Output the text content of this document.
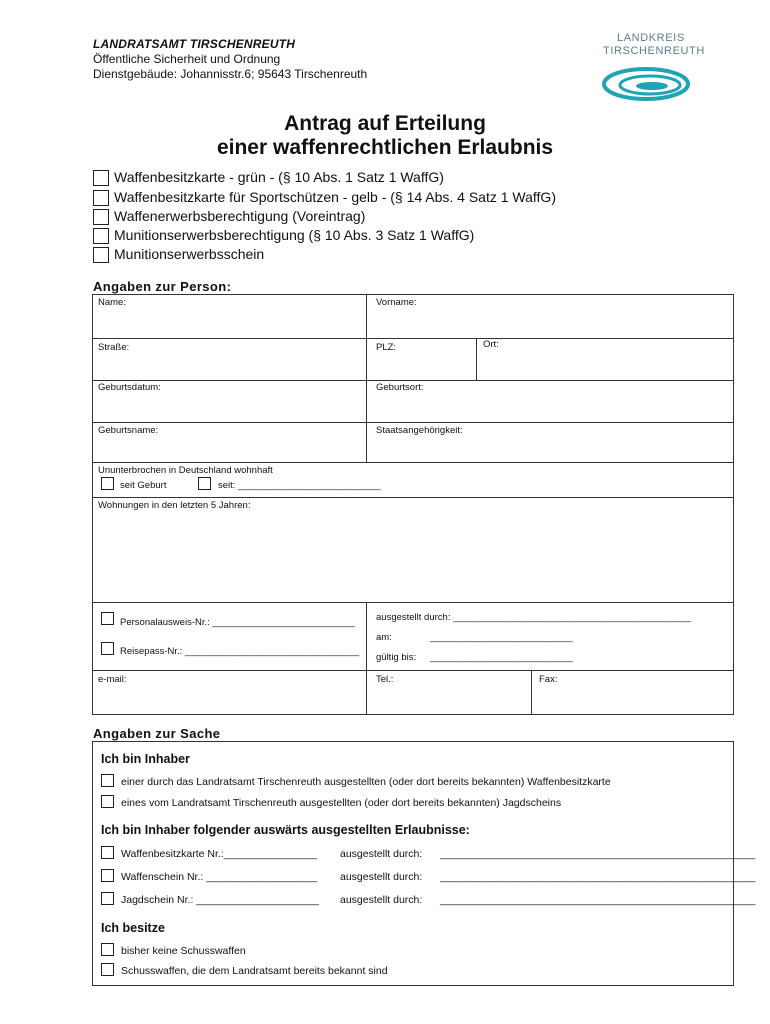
LANDRATSAMT TIRSCHENREUTH
Öffentliche Sicherheit und Ordnung
Dienstgebäude: Johannisstr.6; 95643 Tirschenreuth
LANDKREIS
TIRSCHENREUTH
Antrag auf Erteilung
einer waffenrechtlichen Erlaubnis
Waffenbesitzkarte - grün - (§ 10 Abs. 1 Satz 1 WaffG)
Waffenbesitzkarte für Sportschützen - gelb - (§ 14 Abs. 4 Satz 1 WaffG)
Waffenerwerbsberechtigung (Voreintrag)
Munitionserwerbsberechtigung (§ 10 Abs. 3 Satz 1 WaffG)
Munitionserwerbsschein
Angaben zur Person:
Name:	Vorname:
Straße:	PLZ:	Ort:
Geburtsdatum:	Geburtsort:
Geburtsname:	Staatsangehörigkeit:
Ununterbrochen in Deutschland wohnhaft
seit Geburt	seit: ___________________________
Wohnungen in den letzten 5 Jahren:
Personalausweis-Nr.: ___________________________
Reisepass-Nr.: _________________________________
ausgestellt durch: _____________________________________________
am:	___________________________
gültig bis: ___________________________
e-mail:	Tel.:	Fax:
Angaben zur Sache
Ich bin Inhaber
einer durch das Landratsamt Tirschenreuth ausgestellten (oder dort bereits bekannten) Waffenbesitzkarte
eines vom Landratsamt Tirschenreuth ausgestellten (oder dort bereits bekannten) Jagdscheins
Ich bin Inhaber folgender auswärts ausgestellten Erlaubnisse:
Waffenbesitzkarte Nr.:________________ ausgestellt durch: ______________________________________________________
Waffenschein Nr.: ___________________ ausgestellt durch: ______________________________________________________
Jagdschein Nr.: _____________________ ausgestellt durch: ______________________________________________________
Ich besitze
bisher keine Schusswaffen
Schusswaffen, die dem Landratsamt bereits bekannt sind
